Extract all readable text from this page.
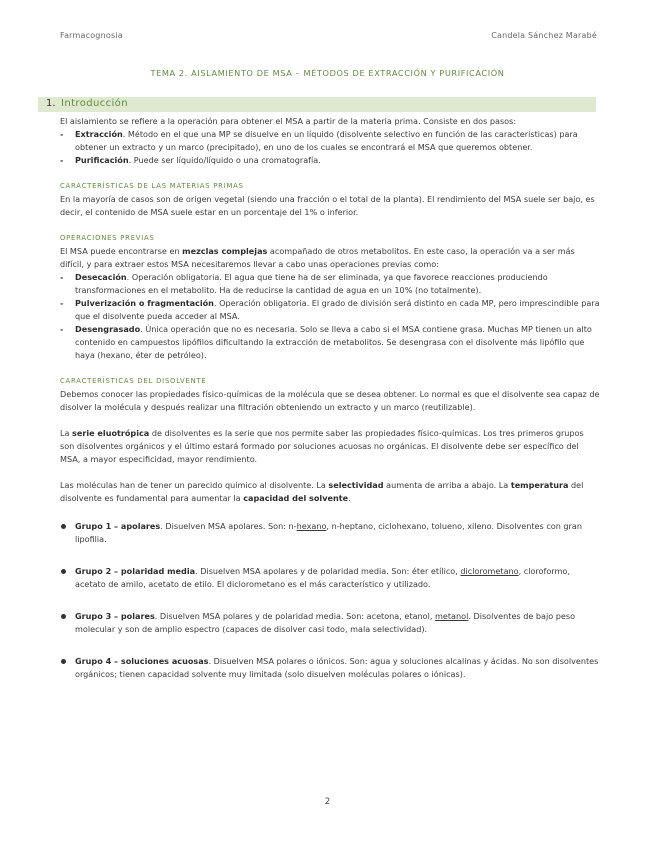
Farmacognosia	Candela Sánchez Marabé
TEMA 2. AISLAMIENTO DE MSA – MÉTODOS DE EXTRACCIÓN Y PURIFICACIÓN
1. Introducción

El aislamiento se refiere a la operación para obtener el MSA a partir de la materia prima. Consiste en dos pasos:

- Extracción. Método en el que una MP se disuelve en un líquido (disolvente selectivo en función de las características) para obtener un extracto y un marco (precipitado), en uno de los cuales se encontrará el MSA que queremos obtener.

- Purificación. Puede ser líquido/líquido o una cromatografía.

CARACTERÍSTICAS DE LAS MATERIAS PRIMAS

En la mayoría de casos son de origen vegetal (siendo una fracción o el total de la planta). El rendimiento del MSA suele ser bajo, es decir, el contenido de MSA suele estar en un porcentaje del 1% o inferior.

OPERACIONES PREVIAS

El MSA puede encontrarse en mezclas complejas acompañado de otros metabolitos. En este caso, la operación va a ser más difícil, y para extraer estos MSA necesitaremos llevar a cabo unas operaciones previas como:

- Desecación. Operación obligatoria. El agua que tiene ha de ser eliminada, ya que favorece reacciones produciendo transformaciones en el metabolito. Ha de reducirse la cantidad de agua en un 10% (no totalmente).

- Pulverización o fragmentación. Operación obligatoria. El grado de división será distinto en cada MP, pero imprescindible para que el disolvente pueda acceder al MSA.

- Desengrasado. Única operación que no es necesaria. Solo se lleva a cabo si el MSA contiene grasa. Muchas MP tienen un alto contenido en campuestos lipófilos dificultando la extracción de metabolitos. Se desengrasa con el disolvente más lipófilo que haya (hexano, éter de petróleo).

CARACTERÍSTICAS DEL DISOLVENTE

Debemos conocer las propiedades físico-químicas de la molécula que se desea obtener. Lo normal es que el disolvente sea capaz de disolver la molécula y después realizar una filtración obteniendo un extracto y un marco (reutilizable).

La serie eluotrópica de disolventes es la serie que nos permite saber las propiedades físico-químicas. Los tres primeros grupos son disolventes orgánicos y el último estará formado por soluciones acuosas no orgánicas. El disolvente debe ser específico del MSA, a mayor especificidad, mayor rendimiento.

Las moléculas han de tener un parecido químico al disolvente. La selectividad aumenta de arriba a abajo. La temperatura del disolvente es fundamental para aumentar la capacidad del solvente.

Grupo 1 – apolares. Disuelven MSA apolares. Son: n-hexano, n-heptano, ciclohexano, tolueno, xileno. Disolventes con gran lipofilia.

Grupo 2 – polaridad media. Disuelven MSA apolares y de polaridad media. Son: éter etílico, diclorometano, cloroformo, acetato de amilo, acetato de etilo. El diclorometano es el más característico y utilizado.

Grupo 3 – polares. Disuelven MSA polares y de polaridad media. Son: acetona, etanol, metanol. Disolventes de bajo peso molecular y son de amplio espectro (capaces de disolver casi todo, mala selectividad).

Grupo 4 – soluciones acuosas. Disuelven MSA polares o iónicos. Son: agua y soluciones alcalinas y ácidas. No son disolventes orgánicos; tienen capacidad solvente muy limitada (solo disuelven moléculas polares o iónicas).

2
